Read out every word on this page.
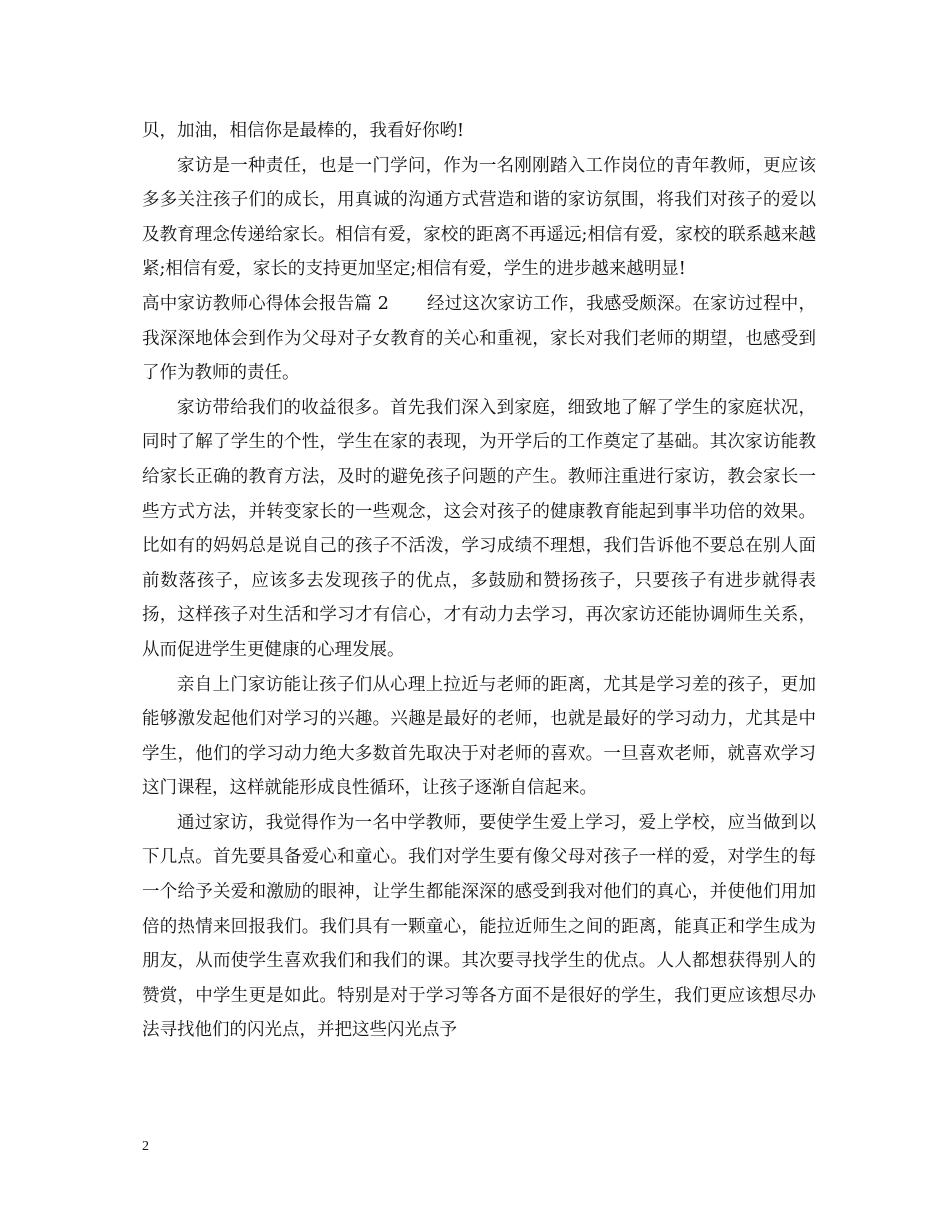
贝，加油，相信你是最棒的，我看好你哟!

家访是一种责任，也是一门学问，作为一名刚刚踏入工作岗位的青年教师，更应该多多关注孩子们的成长，用真诚的沟通方式营造和谐的家访氛围，将我们对孩子的爱以及教育理念传递给家长。相信有爱，家校的距离不再遥远;相信有爱，家校的联系越来越紧;相信有爱，家长的支持更加坚定;相信有爱，学生的进步越来越明显!

高中家访教师心得体会报告篇 2 经过这次家访工作，我感受颇深。在家访过程中，我深深地体会到作为父母对子女教育的关心和重视，家长对我们老师的期望，也感受到了作为教师的责任。

家访带给我们的收益很多。首先我们深入到家庭，细致地了解了学生的家庭状况，同时了解了学生的个性，学生在家的表现，为开学后的工作奠定了基础。其次家访能教给家长正确的教育方法，及时的避免孩子问题的产生。教师注重进行家访，教会家长一些方式方法，并转变家长的一些观念，这会对孩子的健康教育能起到事半功倍的效果。比如有的妈妈总是说自己的孩子不活泼，学习成绩不理想，我们告诉他不要总在别人面前数落孩子，应该多去发现孩子的优点，多鼓励和赞扬孩子，只要孩子有进步就得表扬，这样孩子对生活和学习才有信心，才有动力去学习，再次家访还能协调师生关系，从而促进学生更健康的心理发展。

亲自上门家访能让孩子们从心理上拉近与老师的距离，尤其是学习差的孩子，更加能够激发起他们对学习的兴趣。兴趣是最好的老师，也就是最好的学习动力，尤其是中学生，他们的学习动力绝大多数首先取决于对老师的喜欢。一旦喜欢老师，就喜欢学习这门课程，这样就能形成良性循环，让孩子逐渐自信起来。

通过家访，我觉得作为一名中学教师，要使学生爱上学习，爱上学校，应当做到以下几点。首先要具备爱心和童心。我们对学生要有像父母对孩子一样的爱，对学生的每一个给予关爱和激励的眼神，让学生都能深深的感受到我对他们的真心，并使他们用加倍的热情来回报我们。我们具有一颗童心，能拉近师生之间的距离，能真正和学生成为朋友，从而使学生喜欢我们和我们的课。其次要寻找学生的优点。人人都想获得别人的赞赏，中学生更是如此。特别是对于学习等各方面不是很好的学生，我们更应该想尽办法寻找他们的闪光点，并把这些闪光点予

2
